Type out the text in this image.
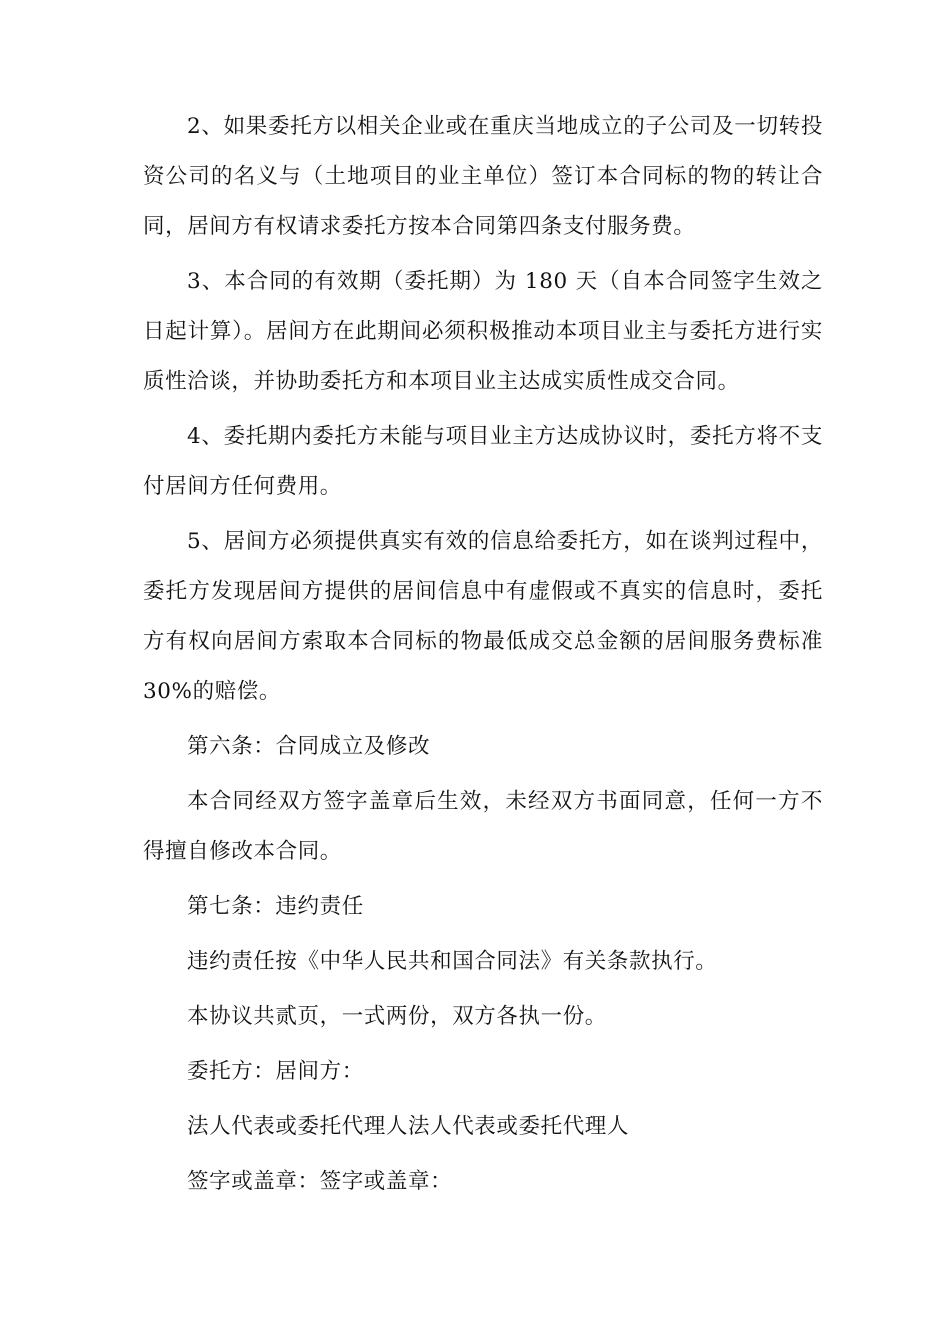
2、如果委托方以相关企业或在重庆当地成立的子公司及一切转投资公司的名义与（土地项目的业主单位）签订本合同标的物的转让合同，居间方有权请求委托方按本合同第四条支付服务费。

3、本合同的有效期（委托期）为 180 天（自本合同签字生效之日起计算）。居间方在此期间必须积极推动本项目业主与委托方进行实质性洽谈，并协助委托方和本项目业主达成实质性成交合同。

4、委托期内委托方未能与项目业主方达成协议时，委托方将不支付居间方任何费用。

5、居间方必须提供真实有效的信息给委托方，如在谈判过程中，委托方发现居间方提供的居间信息中有虚假或不真实的信息时，委托方有权向居间方索取本合同标的物最低成交总金额的居间服务费标准 30%的赔偿。

第六条：合同成立及修改

本合同经双方签字盖章后生效，未经双方书面同意，任何一方不得擅自修改本合同。

第七条：违约责任

违约责任按《中华人民共和国合同法》有关条款执行。

本协议共贰页，一式两份，双方各执一份。

委托方：居间方：

法人代表或委托代理人法人代表或委托代理人

签字或盖章：签字或盖章：
